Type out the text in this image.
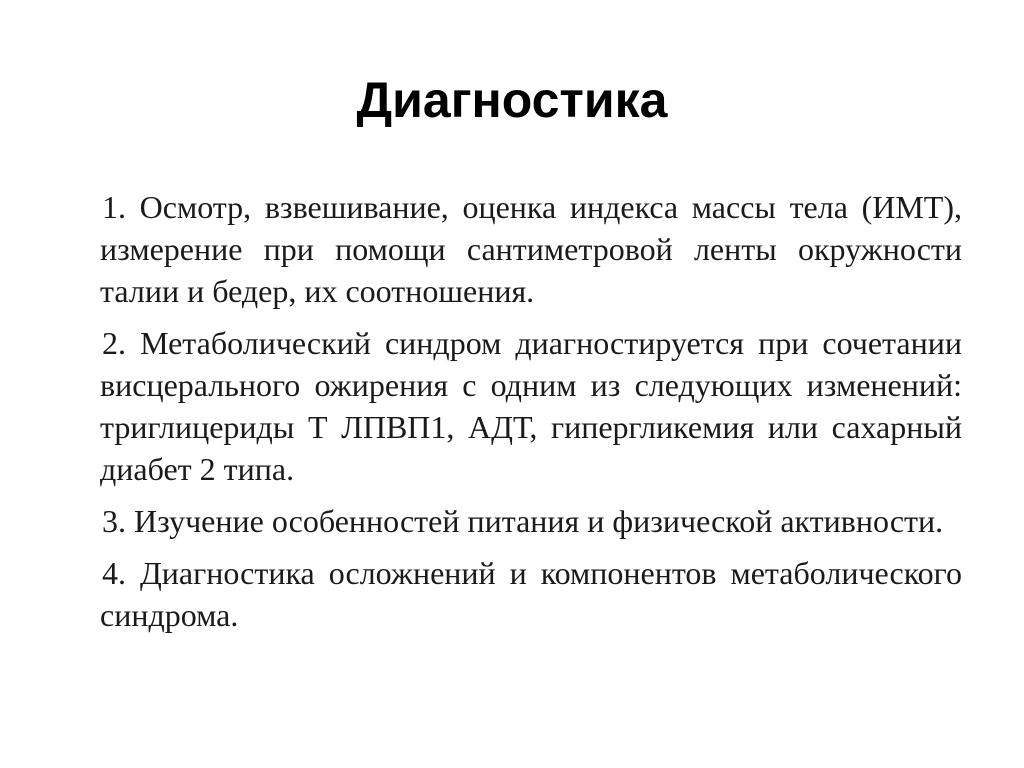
Диагностика

1. Осмотр, взвешивание, оценка индекса массы тела (ИМТ), измерение при помощи сантиметровой ленты окружности талии и бедер, их соотношения.

2. Метаболический синдром диагностируется при сочетании висцерального ожирения с одним из следующих изменений: триглицериды Т ЛПВП1, АДТ, гипергликемия или сахарный диабет 2 типа.

3. Изучение особенностей питания и физической активности.

4. Диагностика осложнений и компонентов метаболического синдрома.
